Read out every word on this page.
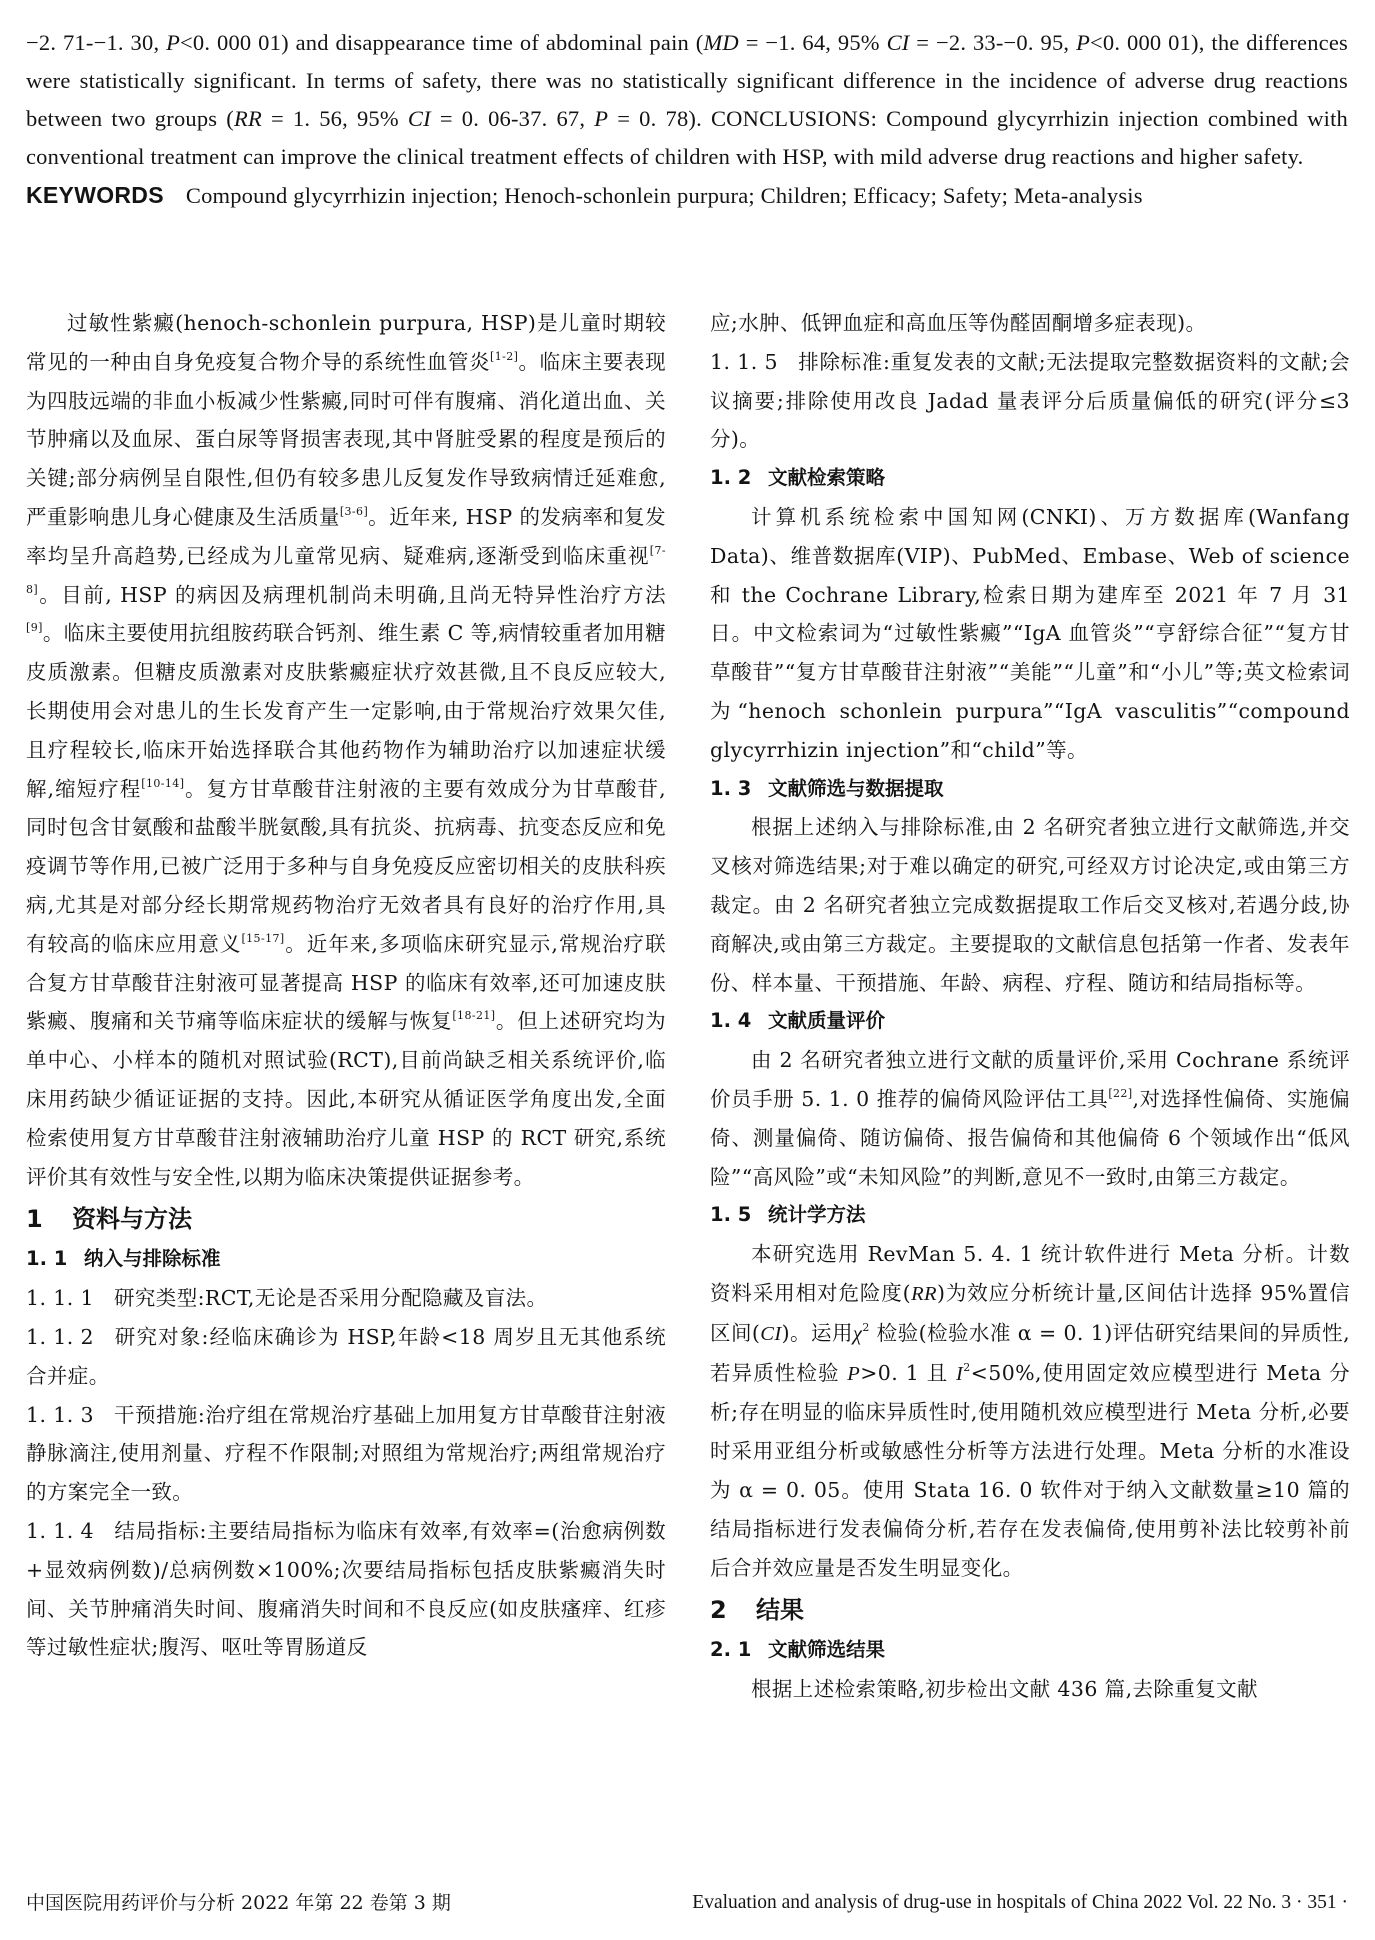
−2. 71-−1. 30, P<0. 000 01) and disappearance time of abdominal pain (MD = −1. 64, 95% CI = −2. 33-−0. 95, P<0. 000 01), the differences were statistically significant. In terms of safety, there was no statistically significant difference in the incidence of adverse drug reactions between two groups (RR = 1. 56, 95% CI = 0. 06-37. 67, P = 0. 78). CONCLUSIONS: Compound glycyrrhizin injection combined with conventional treatment can improve the clinical treatment effects of children with HSP, with mild adverse drug reactions and higher safety.
KEYWORDS Compound glycyrrhizin injection; Henoch-schonlein purpura; Children; Efficacy; Safety; Meta-analysis
过敏性紫癜(henoch-schonlein purpura, HSP)是儿童时期较常见的一种由自身免疫复合物介导的系统性血管炎[1-2]。临床主要表现为四肢远端的非血小板减少性紫癜,同时可伴有腹痛、消化道出血、关节肿痛以及血尿、蛋白尿等肾损害表现,其中肾脏受累的程度是预后的关键;部分病例呈自限性,但仍有较多患儿反复发作导致病情迁延难愈,严重影响患儿身心健康及生活质量[3-6]。近年来, HSP 的发病率和复发率均呈升高趋势,已经成为儿童常见病、疑难病,逐渐受到临床重视[7-8]。目前, HSP 的病因及病理机制尚未明确,且尚无特异性治疗方法[9]。临床主要使用抗组胺药联合钙剂、维生素 C 等,病情较重者加用糖皮质激素。但糖皮质激素对皮肤紫癜症状疗效甚微,且不良反应较大,长期使用会对患儿的生长发育产生一定影响,由于常规治疗效果欠佳,且疗程较长,临床开始选择联合其他药物作为辅助治疗以加速症状缓解,缩短疗程[10-14]。复方甘草酸苷注射液的主要有效成分为甘草酸苷,同时包含甘氨酸和盐酸半胱氨酸,具有抗炎、抗病毒、抗变态反应和免疫调节等作用,已被广泛用于多种与自身免疫反应密切相关的皮肤科疾病,尤其是对部分经长期常规药物治疗无效者具有良好的治疗作用,具有较高的临床应用意义[15-17]。近年来,多项临床研究显示,常规治疗联合复方甘草酸苷注射液可显著提高 HSP 的临床有效率,还可加速皮肤紫癜、腹痛和关节痛等临床症状的缓解与恢复[18-21]。但上述研究均为单中心、小样本的随机对照试验(RCT),目前尚缺乏相关系统评价,临床用药缺少循证证据的支持。因此,本研究从循证医学角度出发,全面检索使用复方甘草酸苷注射液辅助治疗儿童 HSP 的 RCT 研究,系统评价其有效性与安全性,以期为临床决策提供证据参考。
1 资料与方法
1. 1 纳入与排除标准
1. 1. 1 研究类型:RCT,无论是否采用分配隐藏及盲法。
1. 1. 2 研究对象:经临床确诊为 HSP,年龄<18 周岁且无其他系统合并症。
1. 1. 3 干预措施:治疗组在常规治疗基础上加用复方甘草酸苷注射液静脉滴注,使用剂量、疗程不作限制;对照组为常规治疗;两组常规治疗的方案完全一致。
1. 1. 4 结局指标:主要结局指标为临床有效率,有效率=(治愈病例数+显效病例数)/总病例数×100%;次要结局指标包括皮肤紫癜消失时间、关节肿痛消失时间、腹痛消失时间和不良反应(如皮肤瘙痒、红疹等过敏性症状;腹泻、呕吐等胃肠道反
应;水肿、低钾血症和高血压等伪醛固酮增多症表现)。
1. 1. 5 排除标准:重复发表的文献;无法提取完整数据资料的文献;会议摘要;排除使用改良 Jadad 量表评分后质量偏低的研究(评分≤3 分)。
1. 2 文献检索策略
计算机系统检索中国知网(CNKI)、万方数据库(Wanfang Data)、维普数据库(VIP)、PubMed、Embase、Web of science 和 the Cochrane Library,检索日期为建库至 2021 年 7 月 31 日。中文检索词为“过敏性紫癜”“IgA 血管炎”“亨舒综合征”“复方甘草酸苷”“复方甘草酸苷注射液”“美能”“儿童”和“小儿”等;英文检索词为“henoch schonlein purpura”“IgA vasculitis”“compound glycyrrhizin injection”和“child”等。
1. 3 文献筛选与数据提取
根据上述纳入与排除标准,由 2 名研究者独立进行文献筛选,并交叉核对筛选结果;对于难以确定的研究,可经双方讨论决定,或由第三方裁定。由 2 名研究者独立完成数据提取工作后交叉核对,若遇分歧,协商解决,或由第三方裁定。主要提取的文献信息包括第一作者、发表年份、样本量、干预措施、年龄、病程、疗程、随访和结局指标等。
1. 4 文献质量评价
由 2 名研究者独立进行文献的质量评价,采用 Cochrane 系统评价员手册 5. 1. 0 推荐的偏倚风险评估工具[22],对选择性偏倚、实施偏倚、测量偏倚、随访偏倚、报告偏倚和其他偏倚 6 个领域作出“低风险”“高风险”或“未知风险”的判断,意见不一致时,由第三方裁定。
1. 5 统计学方法
本研究选用 RevMan 5. 4. 1 统计软件进行 Meta 分析。计数资料采用相对危险度(RR)为效应分析统计量,区间估计选择 95%置信区间(CI)。运用χ$^2$ 检验(检验水准 α = 0. 1)评估研究结果间的异质性,若异质性检验 P>0. 1 且 I$^2$<50%,使用固定效应模型进行 Meta 分析;存在明显的临床异质性时,使用随机效应模型进行 Meta 分析,必要时采用亚组分析或敏感性分析等方法进行处理。Meta 分析的水准设为 α = 0. 05。使用 Stata 16. 0 软件对于纳入文献数量≥10 篇的结局指标进行发表偏倚分析,若存在发表偏倚,使用剪补法比较剪补前后合并效应量是否发生明显变化。
2 结果
2. 1 文献筛选结果
根据上述检索策略,初步检出文献 436 篇,去除重复文献
中国医院用药评价与分析 2022 年第 22 卷第 3 期	Evaluation and analysis of drug-use in hospitals of China 2022 Vol. 22 No. 3 · 351 ·
